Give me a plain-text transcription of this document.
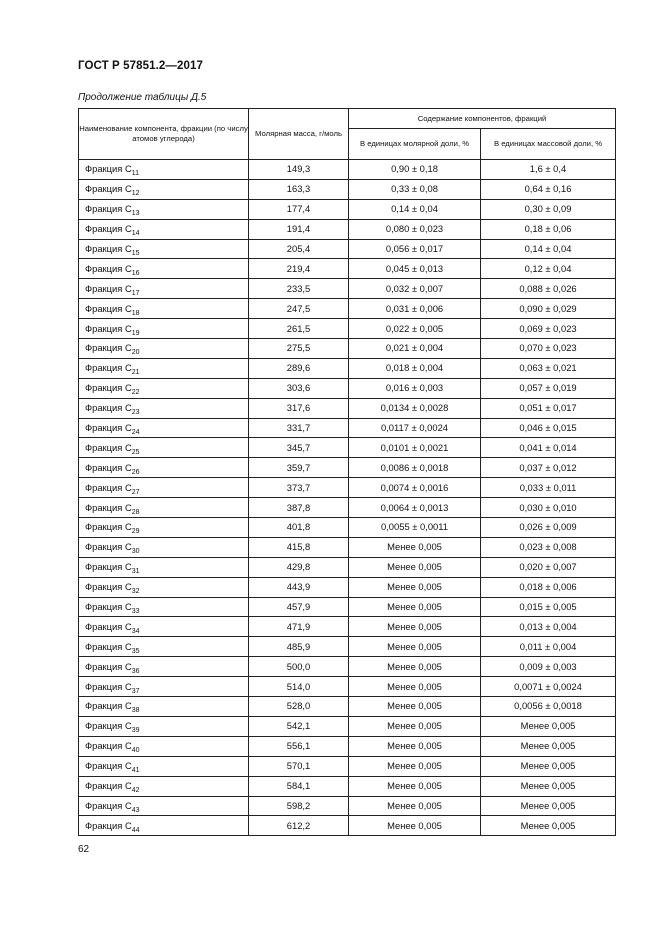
ГОСТ Р 57851.2—2017
Продолжение таблицы Д.5
Наименование компонента, фракции (по числу атомов углерода)	Молярная масса, г/моль	Содержание компонентов, фракций	
		В единицах молярной доли, %	В единицах массовой доли, %
Фракция $C_{11}$	149,3	0,90 ± 0,18	1,6 ± 0,4
Фракция $C_{12}$	163,3	0,33 ± 0,08	0,64 ± 0,16
Фракция $C_{13}$	177,4	0,14 ± 0,04	0,30 ± 0,09
Фракция $C_{14}$	191,4	0,080 ± 0,023	0,18 ± 0,06
Фракция $C_{15}$	205,4	0,056 ± 0,017	0,14 ± 0,04
Фракция $C_{16}$	219,4	0,045 ± 0,013	0,12 ± 0,04
Фракция $C_{17}$	233,5	0,032 ± 0,007	0,088 ± 0,026
Фракция $C_{18}$	247,5	0,031 ± 0,006	0,090 ± 0,029
Фракция $C_{19}$	261,5	0,022 ± 0,005	0,069 ± 0,023
Фракция $C_{20}$	275,5	0,021 ± 0,004	0,070 ± 0,023
Фракция $C_{21}$	289,6	0,018 ± 0,004	0,063 ± 0,021
Фракция $C_{22}$	303,6	0,016 ± 0,003	0,057 ± 0,019
Фракция $C_{23}$	317,6	0,0134 ± 0,0028	0,051 ± 0,017
Фракция $C_{24}$	331,7	0,0117 ± 0,0024	0,046 ± 0,015
Фракция $C_{25}$	345,7	0,0101 ± 0,0021	0,041 ± 0,014
Фракция $C_{26}$	359,7	0,0086 ± 0,0018	0,037 ± 0,012
Фракция $C_{27}$	373,7	0,0074 ± 0,0016	0,033 ± 0,011
Фракция $C_{28}$	387,8	0,0064 ± 0,0013	0,030 ± 0,010
Фракция $C_{29}$	401,8	0,0055 ± 0,0011	0,026 ± 0,009
Фракция $C_{30}$	415,8	Менее 0,005	0,023 ± 0,008
Фракция $C_{31}$	429,8	Менее 0,005	0,020 ± 0,007
Фракция $C_{32}$	443,9	Менее 0,005	0,018 ± 0,006
Фракция $C_{33}$	457,9	Менее 0,005	0,015 ± 0,005
Фракция $C_{34}$	471,9	Менее 0,005	0,013 ± 0,004
Фракция $C_{35}$	485,9	Менее 0,005	0,011 ± 0,004
Фракция $C_{36}$	500,0	Менее 0,005	0,009 ± 0,003
Фракция $C_{37}$	514,0	Менее 0,005	0,0071 ± 0,0024
Фракция $C_{38}$	528,0	Менее 0,005	0,0056 ± 0,0018
Фракция $C_{39}$	542,1	Менее 0,005	Менее 0,005
Фракция $C_{40}$	556,1	Менее 0,005	Менее 0,005
Фракция $C_{41}$	570,1	Менее 0,005	Менее 0,005
Фракция $C_{42}$	584,1	Менее 0,005	Менее 0,005
Фракция $C_{43}$	598,2	Менее 0,005	Менее 0,005
Фракция $C_{44}$	612,2	Менее 0,005	Менее 0,005
62
